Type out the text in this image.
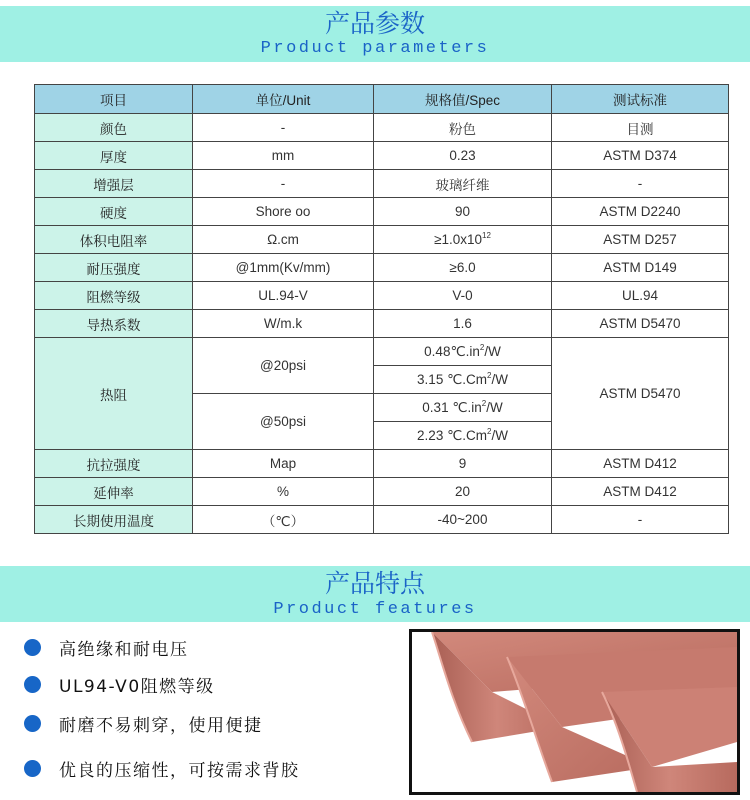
产品参数
Product parameters
项目	单位/Unit	规格值/Spec	测试标准
颜色	-	粉色	目测
厚度	mm	0.23	ASTM D374
增强层	-	玻璃纤维	-
硬度	Shore oo	90	ASTM D2240
体积电阻率	Ω.cm	$\ge 1.0x10^{12}$	ASTM D257
耐压强度	@1mm(Kv/mm)	≥6.0	ASTM D149
阻燃等级	UL.94-V	V-0	UL.94
导热系数	W/m.k	1.6	ASTM D5470
热阻	@20psi	$0.48℃.in^2/W$	ASTM D5470
		3.15 ℃.Cm$^2$/W	
	@50psi	0.31 $℃.in^2/W$	
		2.23 ℃.Cm$^2$/W	
抗拉强度	Map	9	ASTM D412
延伸率	%	20	ASTM D412
长期使用温度	（℃）	-40~200	-
产品特点
Product features
高绝缘和耐电压
UL94-V0阻燃等级
耐磨不易刺穿，使用便捷
优良的压缩性，可按需求背胶
